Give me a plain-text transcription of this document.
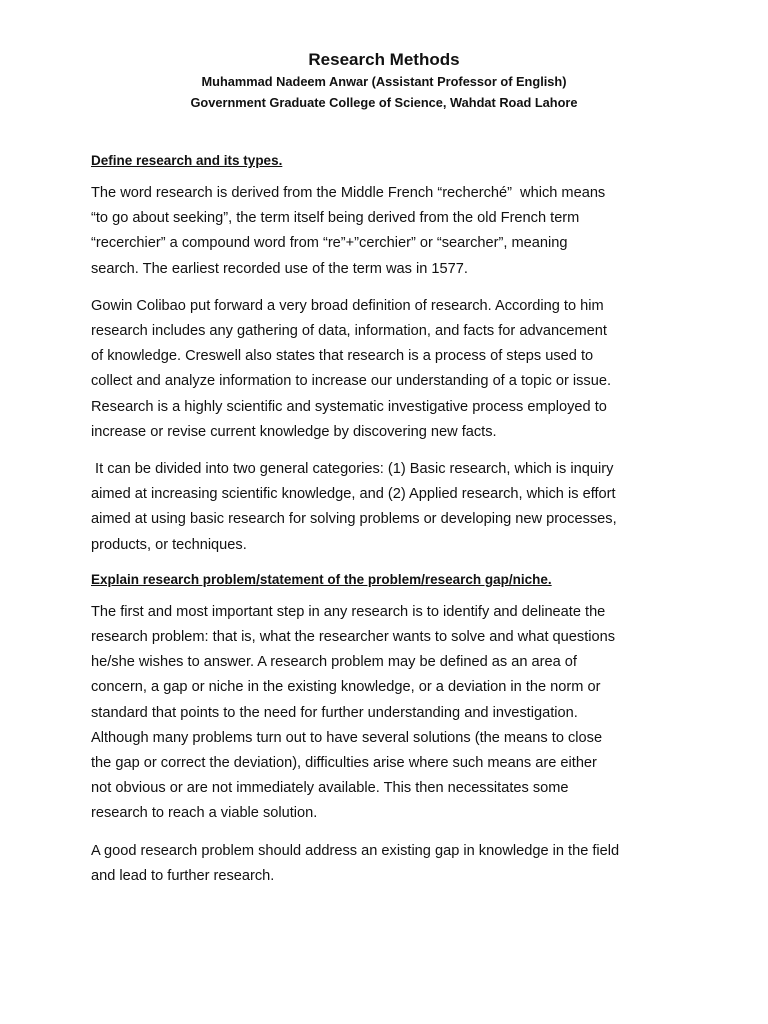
Research Methods

Muhammad Nadeem Anwar (Assistant Professor of English)

Government Graduate College of Science, Wahdat Road Lahore

Define research and its types.

The word research is derived from the Middle French “recherché”  which means
“to go about seeking”, the term itself being derived from the old French term
“recerchier” a compound word from “re”+”cerchier” or “searcher”, meaning
search. The earliest recorded use of the term was in 1577.

Gowin Colibao put forward a very broad definition of research. According to him
research includes any gathering of data, information, and facts for advancement
of knowledge. Creswell also states that research is a process of steps used to
collect and analyze information to increase our understanding of a topic or issue.
Research is a highly scientific and systematic investigative process employed to
increase or revise current knowledge by discovering new facts.

It can be divided into two general categories: (1) Basic research, which is inquiry
aimed at increasing scientific knowledge, and (2) Applied research, which is effort
aimed at using basic research for solving problems or developing new processes,
products, or techniques.

Explain research problem/statement of the problem/research gap/niche.

The first and most important step in any research is to identify and delineate the
research problem: that is, what the researcher wants to solve and what questions
he/she wishes to answer. A research problem may be defined as an area of
concern, a gap or niche in the existing knowledge, or a deviation in the norm or
standard that points to the need for further understanding and investigation.
Although many problems turn out to have several solutions (the means to close
the gap or correct the deviation), difficulties arise where such means are either
not obvious or are not immediately available. This then necessitates some
research to reach a viable solution.

A good research problem should address an existing gap in knowledge in the field
and lead to further research.
